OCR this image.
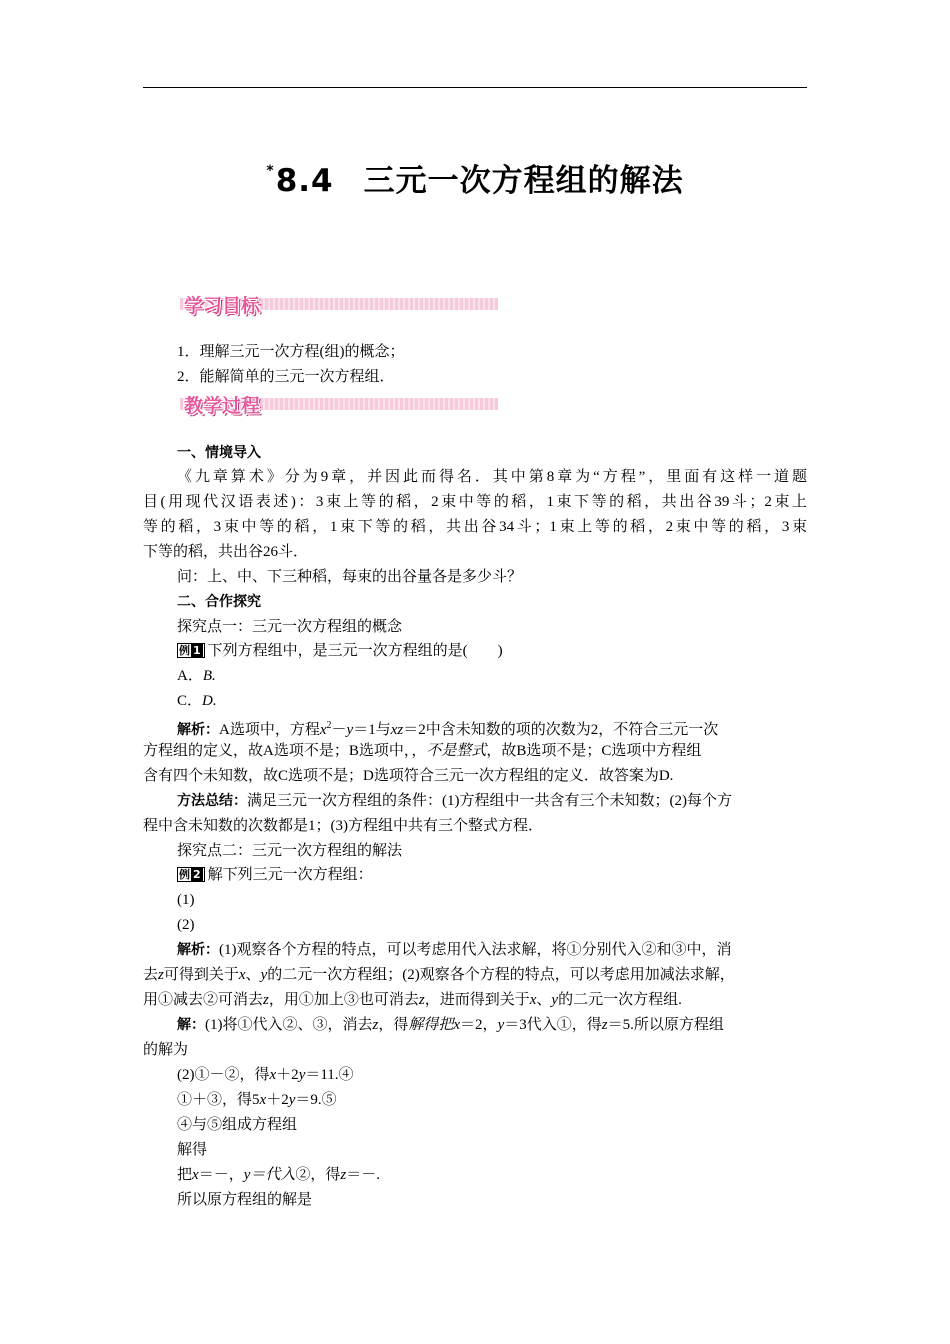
*8.4 三元一次方程组的解法
学习目标
1．理解三元一次方程(组)的概念；
2．能解简单的三元一次方程组．
教学过程
一、情境导入
《九章算术》分为9章，并因此而得名．其中第8章为“方程”，里面有这样一道题
目(用现代汉语表述)：3束上等的稻，2束中等的稻，1束下等的稻，共出谷39斗；2束上
等的稻，3束中等的稻，1束下等的稻，共出谷34斗；1束上等的稻，2束中等的稻，3束
下等的稻，共出谷26斗．
问：上、中、下三种稻，每束的出谷量各是多少斗？
二、合作探究
探究点一：三元一次方程组的概念
例 1 下列方程组中，是三元一次方程组的是(　　)
A．B.
C．D.
解析：A选项中，方程$x^2-y=1$与xz＝2中含未知数的项的次数为2，不符合三元一次
方程组的定义，故A选项不是；B选项中，，不是整式，故B选项不是；C选项中方程组
含有四个未知数，故C选项不是；D选项符合三元一次方程组的定义．故答案为D.
方法总结：满足三元一次方程组的条件：(1)方程组中一共含有三个未知数；(2)每个方
程中含未知数的次数都是1；(3)方程组中共有三个整式方程．
探究点二：三元一次方程组的解法
例 2 解下列三元一次方程组：
(1)
(2)
解析：(1)观察各个方程的特点，可以考虑用代入法求解，将①分别代入②和③中，消
去z可得到关于x、y的二元一次方程组；(2)观察各个方程的特点，可以考虑用加减法求解，
用①减去②可消去z，用①加上③也可消去z，进而得到关于x、y的二元一次方程组.
解：(1)将①代入②、③，消去z，得解得把x＝2，y＝3代入①，得z＝5.所以原方程组
的解为
(2)①－②，得x＋2y＝11.④
①＋③，得5x＋2y＝9.⑤
④与⑤组成方程组
解得
把x＝－，y＝代入②，得z＝－.
所以原方程组的解是
